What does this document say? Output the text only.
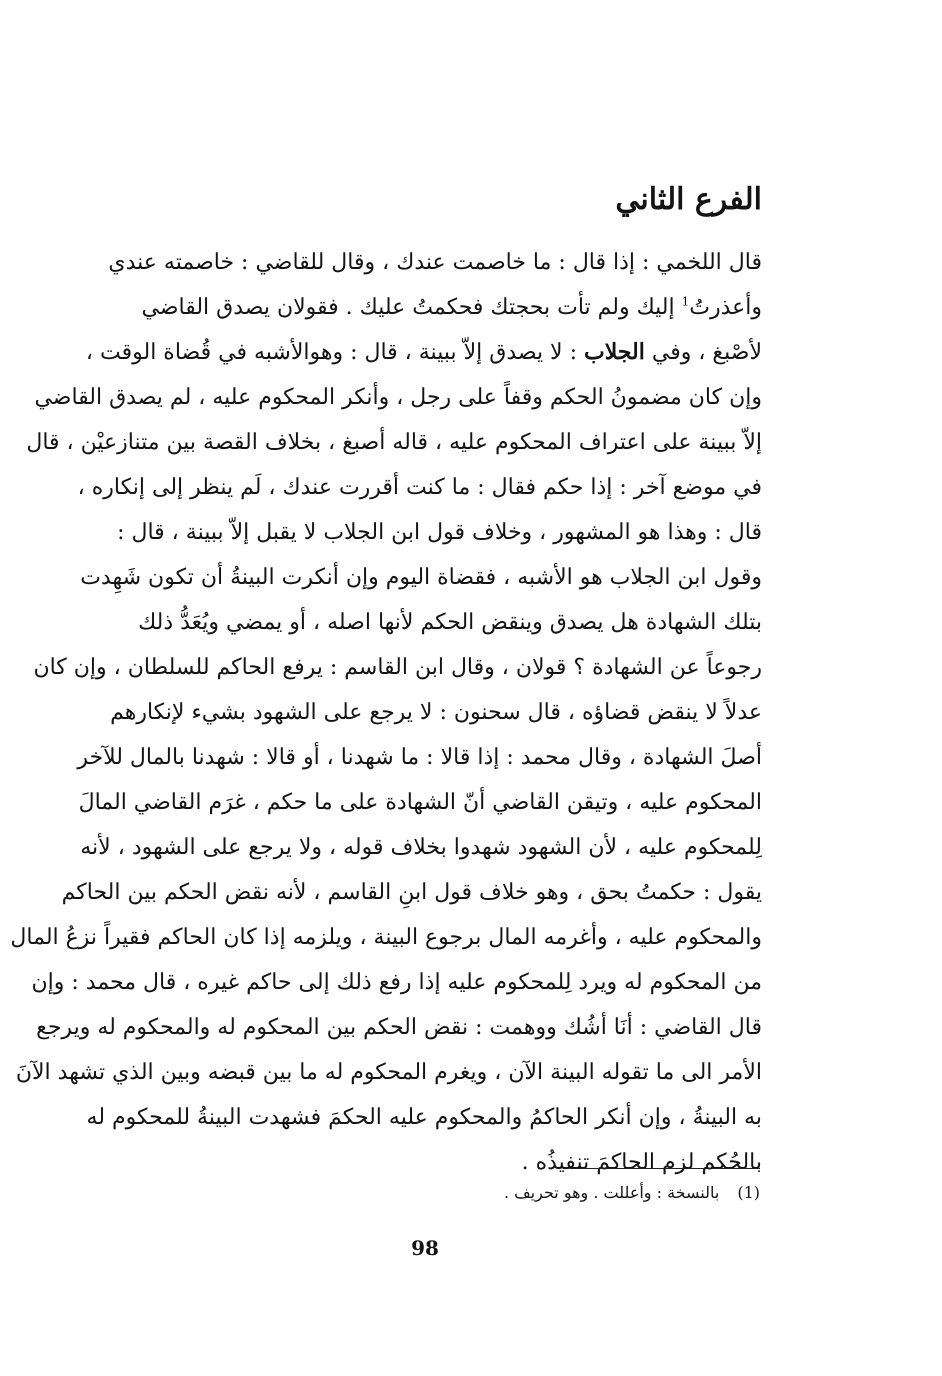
الفرع الثاني
قال اللخمي : إذا قال : ما خاصمت عندك ، وقال للقاضي : خاصمته عندي
وأعذرتُ$^1$ إليك ولم تأت بحجتك فحكمتُ عليك . فقولان يصدق القاضي
لأصْبغ ، وفي الجلاب : لا يصدق إلاّ ببينة ، قال : وهوالأشبه في قُضاة الوقت ،
وإن كان مضمونُ الحكم وقفاً على رجل ، وأنكر المحكوم عليه ، لم يصدق القاضي
إلاّ ببينة على اعتراف المحكوم عليه ، قاله أصبغ ، بخلاف القصة بين متنازعيْن ، قال
في موضع آخر : إذا حكم فقال : ما كنت أقررت عندك ، لَم ينظر إلى إنكاره ،
قال : وهذا هو المشهور ، وخلاف قول ابن الجلاب لا يقبل إلاّ ببينة ، قال :
وقول ابن الجلاب هو الأشبه ، فقضاة اليوم وإن أنكرت البينةُ أن تكون شَهِدت
بتلك الشهادة هل يصدق وينقض الحكم لأنها اصله ، أو يمضي ويُعَدُّ ذلك
رجوعاً عن الشهادة ؟ قولان ، وقال ابن القاسم : يرفع الحاكم للسلطان ، وإن كان
عدلاً لا ينقض قضاؤه ، قال سحنون : لا يرجع على الشهود بشيء لإنكارهم
أصلَ الشهادة ، وقال محمد : إذا قالا : ما شهدنا ، أو قالا : شهدنا بالمال للآخر
المحكوم عليه ، وتيقن القاضي أنّ الشهادة على ما حكم ، غرَم القاضي المالَ
لِلمحكوم عليه ، لأن الشهود شهدوا بخلاف قوله ، ولا يرجع على الشهود ، لأنه
يقول : حكمتُ بحق ، وهو خلاف قول ابنِ القاسم ، لأنه نقض الحكم بين الحاكم
والمحكوم عليه ، وأغرمه المال برجوع البينة ، ويلزمه إذا كان الحاكم فقيراً نزعُ المال
من المحكوم له ويرد لِلمحكوم عليه إذا رفع ذلك إلى حاكم غيره ، قال محمد : وإن
قال القاضي : أنَا أشُك ووهمت : نقض الحكم بين المحكوم له والمحكوم له ويرجع
الأمر الى ما تقوله البينة الآن ، ويغرم المحكوم له ما بين قبضه وبين الذي تشهد الآنَ
به البينةُ ، وإن أنكر الحاكمُ والمحكوم عليه الحكمَ فشهدت البينةُ للمحكوم له
بالحُكم لزم الحاكمَ تنفيذُه .
(1)بالنسخة : وأعللت . وهو تحريف .
98
